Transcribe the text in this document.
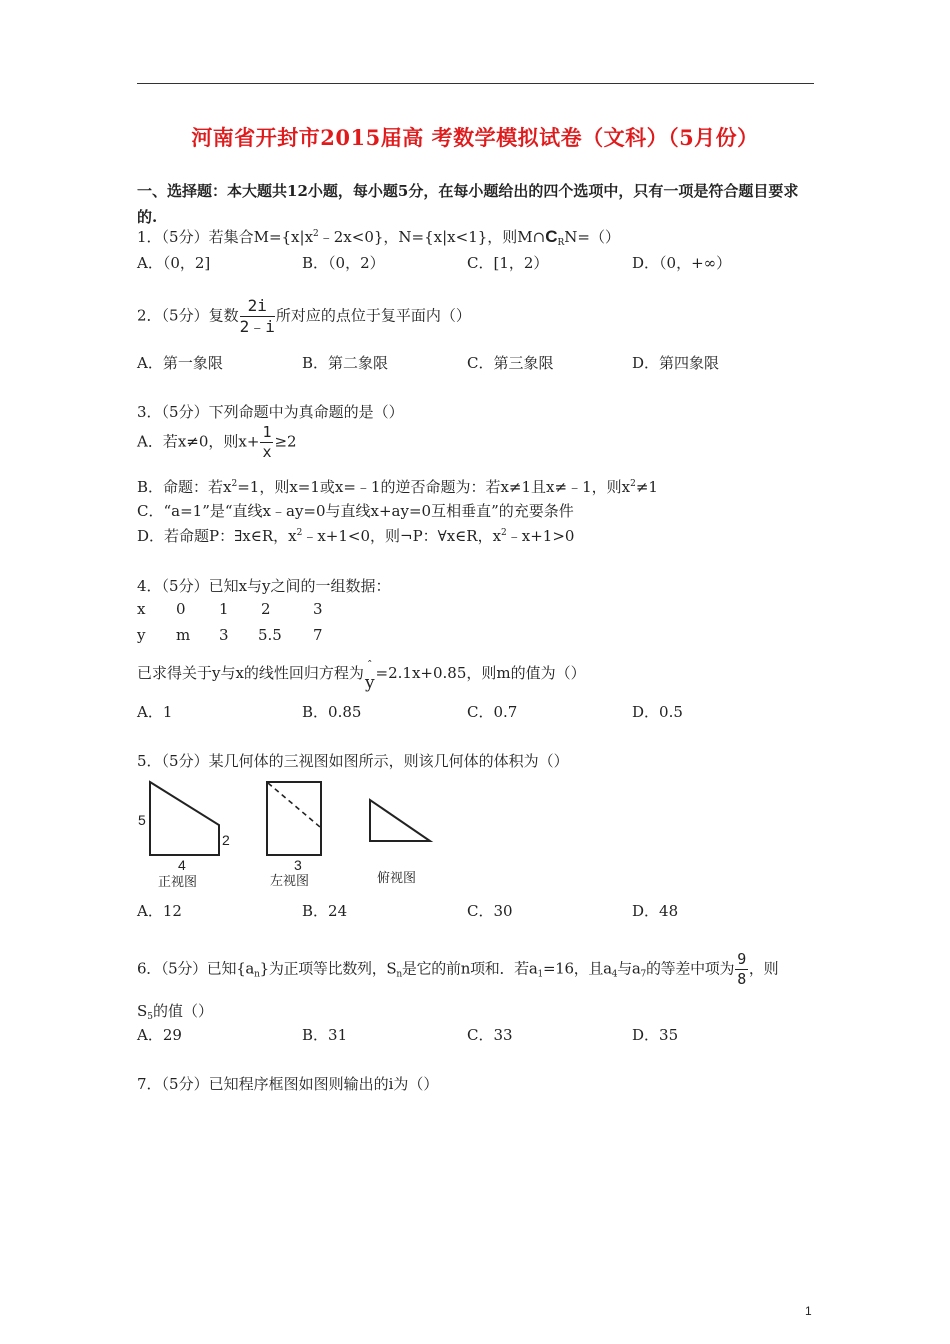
河南省开封市2015届高 考数学模拟试卷（文科）（5月份）
一、选择题：本大题共12小题，每小题5分，在每小题给出的四个选项中，只有一项是符合题目要求的.
1．（5分）若集合$M=\{x|x^2﹣2x<0\}$，N={x|x<1}，则$M\cap C_RN=()$
A．（0，2]	B．（0，2）	C．[1，2）	D．（0，+∞）
2．（5分）复数 $\frac{2i}{2﹣i}$ 所对应的点位于复平面内（）
A．第一象限	B．第二象限	C．第三象限	D．第四象限
3．（5分）下列命题中为真命题的是（）
A．若x≠0，则$x+ \frac{1}{x} \ge 2$
B．命题：若$x^2=1$，则x=1或x=﹣1的逆否命题为：若x≠1且x≠﹣1，则$x^2\ne 1$
C．“a=1”是“直线x﹣ay=0与直线x+ay=0互相垂直”的充要条件
D．若命题P：∃x∈R，$x^2﹣x+1<0$，则¬P：∀x∈R，$x^2﹣x+1>0$
4．（5分）已知x与y之间的一组数据：
x 0 1 2	3
y m 3 5.5 7
已求得关于y与x的线性回归方程为 ˆ
y=2.1x+0.85，则m的值为（）
A．1	B．0.85	C．0.7	D．0.5
5．（5分）某几何体的三视图如图所示，则该几何体的体积为（）
5
2
4
正视图
3
左视图	俯视图
A．12	B．24	C．30	D．48
6．（5分）已知$\{a_n\}$为正项等比数列，$S_n$是它的前n项和．若$a_1=16$，且$a_4$与$a_7$的等差中项为 $\frac{9}{8}$ ，则
$S_5$的值（）
A．29	B．31	C．33	D．35
7．（5分）已知程序框图如图则输出的i为（）
1
